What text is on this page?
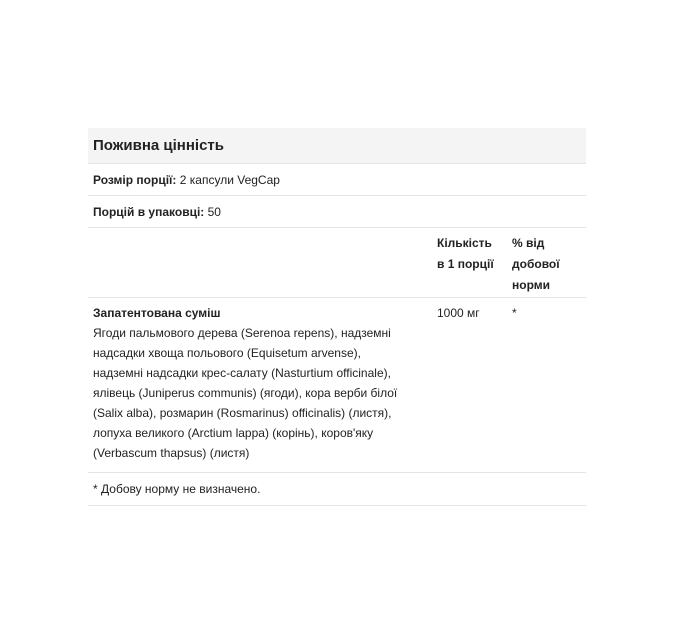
Поживна цінність
Розмір порції:
2 капсули VegCap
Порцій в упаковці:
50
Кількість
в 1 порції
% від
добової
норми
Запатентована суміш
Ягоди пальмового дерева (Serenoa repens), надземні
надсадки хвоща польового (Equisetum arvense),
надземні надсадки крес-салату (Nasturtium officinale),
ялівець (Juniperus communis) (ягоди), кора верби білої
(Salix alba), розмарин (Rosmarinus) officinalis) (листя),
лопуха великого (Arctium lappa) (корінь), коров'яку
(Verbascum thapsus) (листя)
1000 мг	*
* Добову норму не визначено.
